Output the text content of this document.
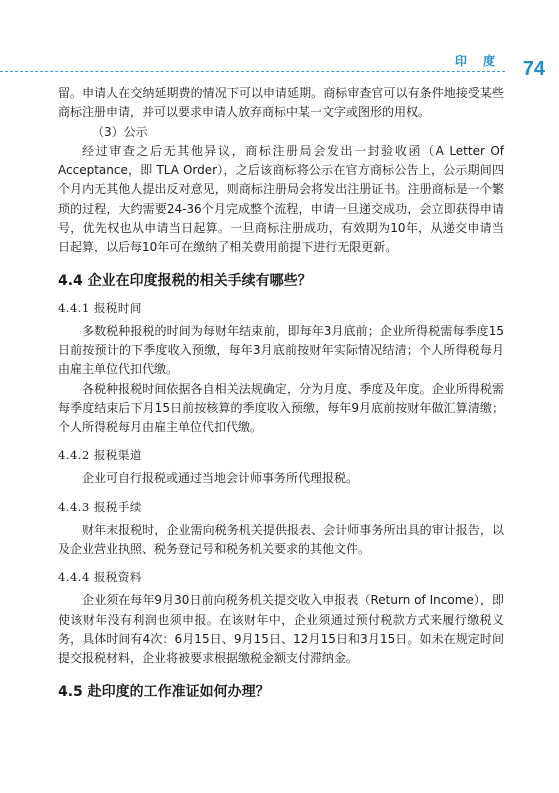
印 度 74

留。申请人在交纳延期费的情况下可以申请延期。商标审查官可以有条件地接受某些商标注册申请，并可以要求申请人放弃商标中某一文字或图形的用权。

（3）公示

经过审查之后无其他异议，商标注册局会发出一封验收函（A Letter Of Acceptance，即 TLA Order），之后该商标将公示在官方商标公告上，公示期间四个月内无其他人提出反对意见，则商标注册局会将发出注册证书。注册商标是一个繁琐的过程，大约需要24-36个月完成整个流程，申请一旦递交成功，会立即获得申请号，优先权也从申请当日起算。一旦商标注册成功，有效期为10年，从递交申请当日起算，以后每10年可在缴纳了相关费用前提下进行无限更新。

4.4 企业在印度报税的相关手续有哪些？
4.4.1 报税时间

多数税种报税的时间为每财年结束前，即每年3月底前；企业所得税需每季度15日前按预计的下季度收入预缴，每年3月底前按财年实际情况结清；个人所得税每月由雇主单位代扣代缴。

各税种报税时间依据各自相关法规确定，分为月度、季度及年度。企业所得税需每季度结束后下月15日前按核算的季度收入预缴，每年9月底前按财年做汇算清缴；个人所得税每月由雇主单位代扣代缴。

4.4.2 报税渠道

企业可自行报税或通过当地会计师事务所代理报税。

4.4.3 报税手续

财年末报税时，企业需向税务机关提供报表、会计师事务所出具的审计报告，以及企业营业执照、税务登记号和税务机关要求的其他文件。

4.4.4 报税资料

企业须在每年9月30日前向税务机关提交收入申报表（Return of Income），即使该财年没有利润也须申报。在该财年中，企业须通过预付税款方式来履行缴税义务，具体时间有4次：6月15日、9月15日、12月15日和3月15日。如未在规定时间提交报税材料，企业将被要求根据缴税金额支付滞纳金。

4.5 赴印度的工作准证如何办理？
